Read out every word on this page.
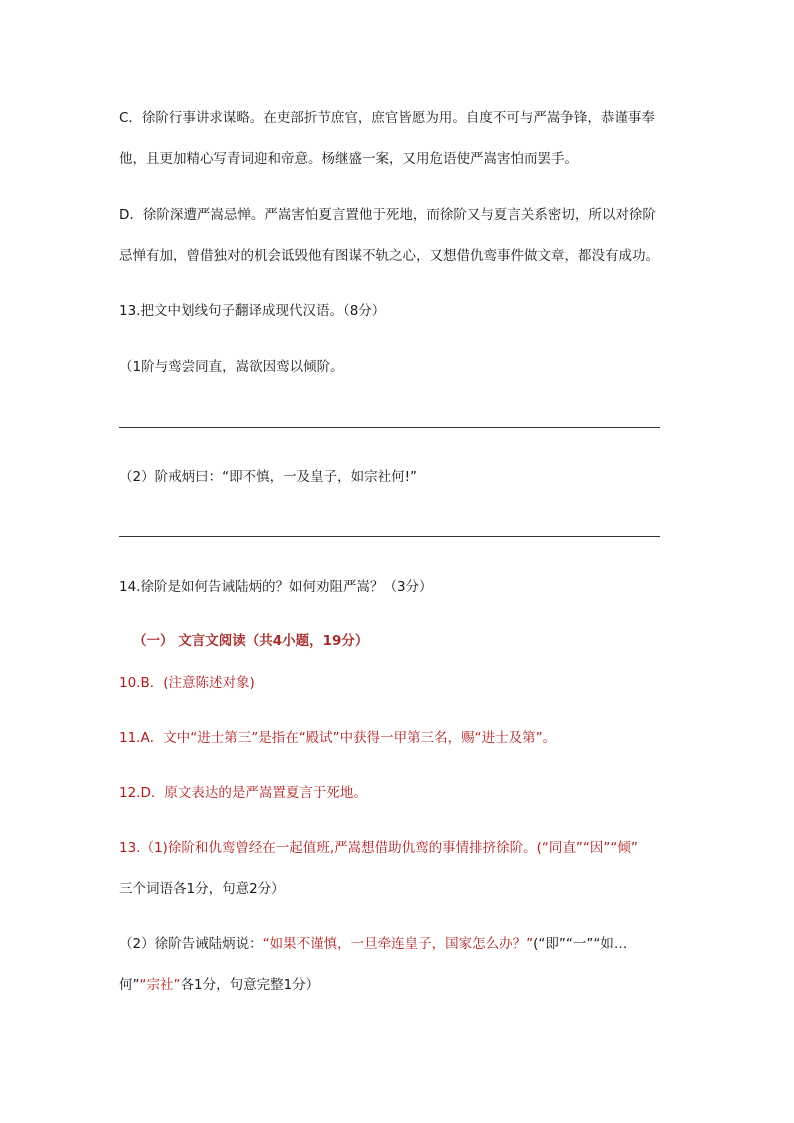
C．徐阶行事讲求谋略。在吏部折节庶官，庶官皆愿为用。自度不可与严嵩争锋，恭谨事奉
他，且更加精心写青词迎和帝意。杨继盛一案，又用危语使严嵩害怕而罢手。
D．徐阶深遭严嵩忌惮。严嵩害怕夏言置他于死地，而徐阶又与夏言关系密切，所以对徐阶
忌惮有加，曾借独对的机会诋毁他有图谋不轨之心，又想借仇鸾事件做文章，都没有成功。
13.把文中划线句子翻译成现代汉语。（8分）
（1阶与鸾尝同直，嵩欲因鸾以倾阶。
（2）阶戒炳曰：“即不慎，一及皇子，如宗社何!”
14.徐阶是如何告诫陆炳的？如何劝阻严嵩？（3分）
（一） 文言文阅读（共4小题，19分）
10.B．(注意陈述对象)
11.A．文中“进士第三”是指在“殿试”中获得一甲第三名，赐“进士及第”。
12.D．原文表达的是严嵩置夏言于死地。
13.（1)徐阶和仇鸾曾经在一起值班,严嵩想借助仇鸾的事情排挤徐阶。(“同直”“因”“倾”
三个词语各1分，句意2分）
（2）徐阶告诫陆炳说：“如果不谨慎，一旦牵连皇子，国家怎么办？”(“即”“一”“如…
何”“宗社”各1分，句意完整1分）
